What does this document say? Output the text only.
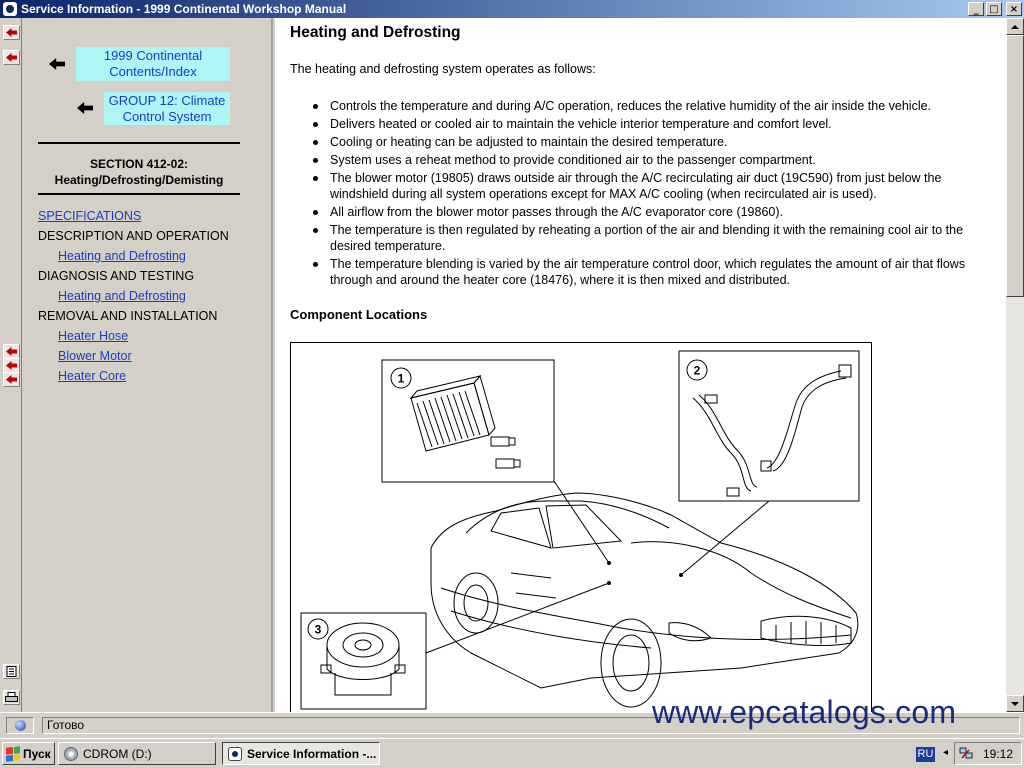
Service Information - 1999 Continental Workshop Manual	_	□	×
1999 Continental Contents/Index
GROUP 12: Climate Control System
SECTION 412-02: Heating/Defrosting/Demisting
SPECIFICATIONS
DESCRIPTION AND OPERATION
Heating and Defrosting
DIAGNOSIS AND TESTING
Heating and Defrosting
REMOVAL AND INSTALLATION
Heater Hose
Blower Motor
Heater Core
Heating and Defrosting
The heating and defrosting system operates as follows:
Controls the temperature and during A/C operation, reduces the relative humidity of the air inside the vehicle.
Delivers heated or cooled air to maintain the vehicle interior temperature and comfort level.
Cooling or heating can be adjusted to maintain the desired temperature.
System uses a reheat method to provide conditioned air to the passenger compartment.
The blower motor (19805) draws outside air through the A/C recirculating air duct (19C590) from just below the windshield during all system operations except for MAX A/C cooling (when recirculated air is used).
All airflow from the blower motor passes through the A/C evaporator core (19860).
The temperature is then regulated by reheating a portion of the air and blending it with the remaining cool air to the desired temperature.
The temperature blending is varied by the air temperature control door, which regulates the amount of air that flows through and around the heater core (18476), where it is then mixed and distributed.
Component Locations
1
2
3
Готово	www.epcatalogs.com
Пуск	CDROM (D:)	Service Information -...	RU ◂	19:12
